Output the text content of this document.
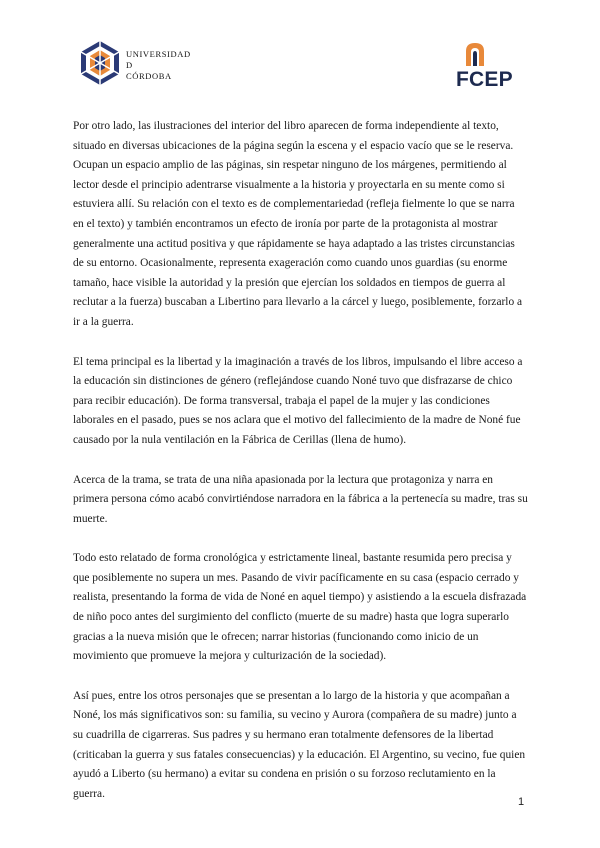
UNIVERSIDAD
D
CÓRDOBA	FCEP

Por otro lado, las ilustraciones del interior del libro aparecen de forma independiente al texto, situado en diversas ubicaciones de la página según la escena y el espacio vacío que se le reserva. Ocupan un espacio amplio de las páginas, sin respetar ninguno de los márgenes, permitiendo al lector desde el principio adentrarse visualmente a la historia y proyectarla en su mente como si estuviera allí. Su relación con el texto es de complementariedad (refleja fielmente lo que se narra en el texto) y también encontramos un efecto de ironía por parte de la protagonista al mostrar generalmente una actitud positiva y que rápidamente se haya adaptado a las tristes circunstancias de su entorno. Ocasionalmente, representa exageración como cuando unos guardias (su enorme tamaño, hace visible la autoridad y la presión que ejercían los soldados en tiempos de guerra al reclutar a la fuerza) buscaban a Libertino para llevarlo a la cárcel y luego, posiblemente, forzarlo a ir a la guerra.

El tema principal es la libertad y la imaginación a través de los libros, impulsando el libre acceso a la educación sin distinciones de género (reflejándose cuando Noné tuvo que disfrazarse de chico para recibir educación). De forma transversal, trabaja el papel de la mujer y las condiciones laborales en el pasado, pues se nos aclara que el motivo del fallecimiento de la madre de Noné fue causado por la nula ventilación en la Fábrica de Cerillas (llena de humo).

Acerca de la trama, se trata de una niña apasionada por la lectura que protagoniza y narra en primera persona cómo acabó convirtiéndose narradora en la fábrica a la pertenecía su madre, tras su muerte.

Todo esto relatado de forma cronológica y estrictamente lineal, bastante resumida pero precisa y que posiblemente no supera un mes. Pasando de vivir pacíficamente en su casa (espacio cerrado y realista, presentando la forma de vida de Noné en aquel tiempo) y asistiendo a la escuela disfrazada de niño poco antes del surgimiento del conflicto (muerte de su madre) hasta que logra superarlo gracias a la nueva misión que le ofrecen; narrar historias (funcionando como inicio de un movimiento que promueve la mejora y culturización de la sociedad).

Así pues, entre los otros personajes que se presentan a lo largo de la historia y que acompañan a Noné, los más significativos son: su familia, su vecino y Aurora (compañera de su madre) junto a su cuadrilla de cigarreras. Sus padres y su hermano eran totalmente defensores de la libertad (criticaban la guerra y sus fatales consecuencias) y la educación. El Argentino, su vecino, fue quien ayudó a Liberto (su hermano) a evitar su condena en prisión o su forzoso reclutamiento en la guerra.

1
